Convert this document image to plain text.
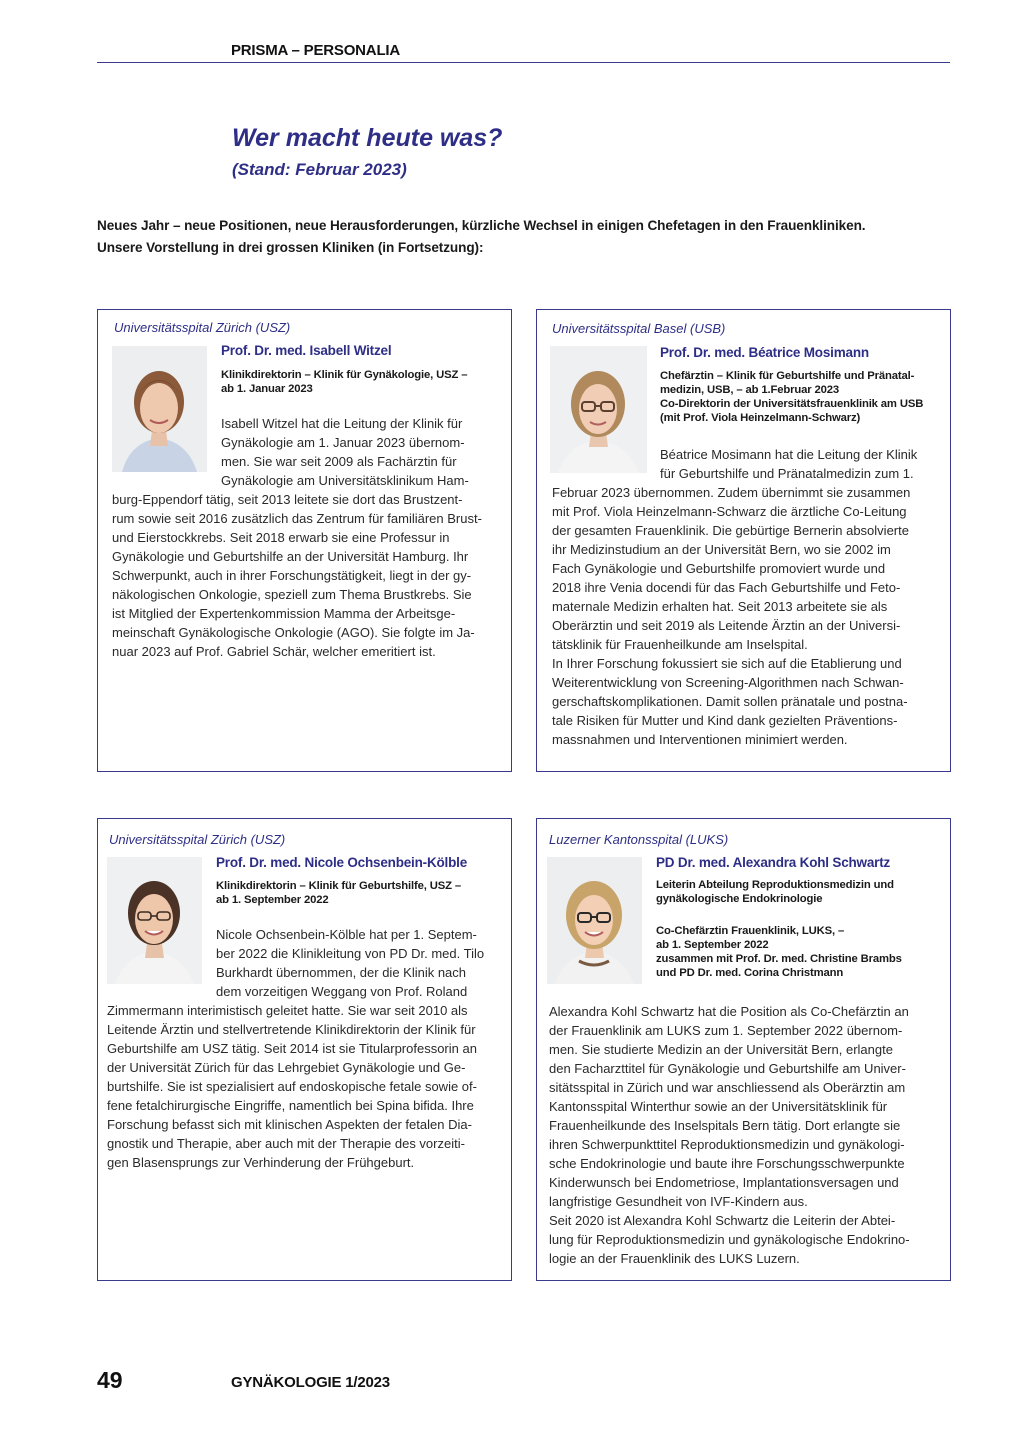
PRISMA – PERSONALIA
Wer macht heute was?
(Stand: Februar 2023)
Neues Jahr – neue Positionen, neue Herausforderungen, kürzliche Wechsel in einigen Chefetagen in den Frauenkliniken.
Unsere Vorstellung in drei grossen Kliniken (in Fortsetzung):
Universitätsspital Zürich (USZ)
Prof. Dr. med. Isabell Witzel
Klinikdirektorin – Klinik für Gynäkologie, USZ –
ab 1. Januar 2023
Isabell Witzel hat die Leitung der Klinik für
Gynäkologie am 1. Januar 2023 übernom-
men. Sie war seit 2009 als Fachärztin für
Gynäkologie am Universitätsklinikum Ham-
burg-Eppendorf tätig, seit 2013 leitete sie dort das Brustzent-
rum sowie seit 2016 zusätzlich das Zentrum für familiären Brust-
und Eierstockkrebs. Seit 2018 erwarb sie eine Professur in
Gynäkologie und Geburtshilfe an der Universität Hamburg. Ihr
Schwerpunkt, auch in ihrer Forschungstätigkeit, liegt in der gy-
näkologischen Onkologie, speziell zum Thema Brustkrebs. Sie
ist Mitglied der Expertenkommission Mamma der Arbeitsge-
meinschaft Gynäkologische Onkologie (AGO). Sie folgte im Ja-
nuar 2023 auf Prof. Gabriel Schär, welcher emeritiert ist.
Universitätsspital Basel (USB)
Prof. Dr. med. Béatrice Mosimann
Chefärztin – Klinik für Geburtshilfe und Pränatal-
medizin, USB, – ab 1.Februar 2023
Co-Direktorin der Universitätsfrauenklinik am USB
(mit Prof. Viola Heinzelmann-Schwarz)
Béatrice Mosimann hat die Leitung der Klinik
für Geburtshilfe und Pränatalmedizin zum 1.
Februar 2023 übernommen. Zudem übernimmt sie zusammen
mit Prof. Viola Heinzelmann-Schwarz die ärztliche Co-Leitung
der gesamten Frauenklinik. Die gebürtige Bernerin absolvierte
ihr Medizinstudium an der Universität Bern, wo sie 2002 im
Fach Gynäkologie und Geburtshilfe promoviert wurde und
2018 ihre Venia docendi für das Fach Geburtshilfe und Feto-
maternale Medizin erhalten hat. Seit 2013 arbeitete sie als
Oberärztin und seit 2019 als Leitende Ärztin an der Universi-
tätsklinik für Frauenheilkunde am Inselspital.
In Ihrer Forschung fokussiert sie sich auf die Etablierung und
Weiterentwicklung von Screening-Algorithmen nach Schwan-
gerschaftskomplikationen. Damit sollen pränatale und postna-
tale Risiken für Mutter und Kind dank gezielten Präventions-
massnahmen und Interventionen minimiert werden.
Universitätsspital Zürich (USZ)
Prof. Dr. med. Nicole Ochsenbein-Kölble
Klinikdirektorin – Klinik für Geburtshilfe, USZ –
ab 1. September 2022
Nicole Ochsenbein-Kölble hat per 1. Septem-
ber 2022 die Klinikleitung von PD Dr. med. Tilo
Burkhardt übernommen, der die Klinik nach
dem vorzeitigen Weggang von Prof. Roland
Zimmermann interimistisch geleitet hatte. Sie war seit 2010 als
Leitende Ärztin und stellvertretende Klinikdirektorin der Klinik für
Geburtshilfe am USZ tätig. Seit 2014 ist sie Titularprofessorin an
der Universität Zürich für das Lehrgebiet Gynäkologie und Ge-
burtshilfe. Sie ist spezialisiert auf endoskopische fetale sowie of-
fene fetalchirurgische Eingriffe, namentlich bei Spina bifida. Ihre
Forschung befasst sich mit klinischen Aspekten der fetalen Dia-
gnostik und Therapie, aber auch mit der Therapie des vorzeiti-
gen Blasensprungs zur Verhinderung der Frühgeburt.
Luzerner Kantonsspital (LUKS)
PD Dr. med. Alexandra Kohl Schwartz
Leiterin Abteilung Reproduktionsmedizin und
gynäkologische Endokrinologie
Co-Chefärztin Frauenklinik, LUKS, –
ab 1. September 2022
zusammen mit Prof. Dr. med. Christine Brambs
und PD Dr. med. Corina Christmann
Alexandra Kohl Schwartz hat die Position als Co-Chefärztin an
der Frauenklinik am LUKS zum 1. September 2022 übernom-
men. Sie studierte Medizin an der Universität Bern, erlangte
den Facharzttitel für Gynäkologie und Geburtshilfe am Univer-
sitätsspital in Zürich und war anschliessend als Oberärztin am
Kantonsspital Winterthur sowie an der Universitätsklinik für
Frauenheilkunde des Inselspitals Bern tätig. Dort erlangte sie
ihren Schwerpunkttitel Reproduktionsmedizin und gynäkologi-
sche Endokrinologie und baute ihre Forschungsschwerpunkte
Kinderwunsch bei Endometriose, Implantationsversagen und
langfristige Gesundheit von IVF-Kindern aus.
Seit 2020 ist Alexandra Kohl Schwartz die Leiterin der Abtei-
lung für Reproduktionsmedizin und gynäkologische Endokrino-
logie an der Frauenklinik des LUKS Luzern.
49	GYNÄKOLOGIE 1/2023
